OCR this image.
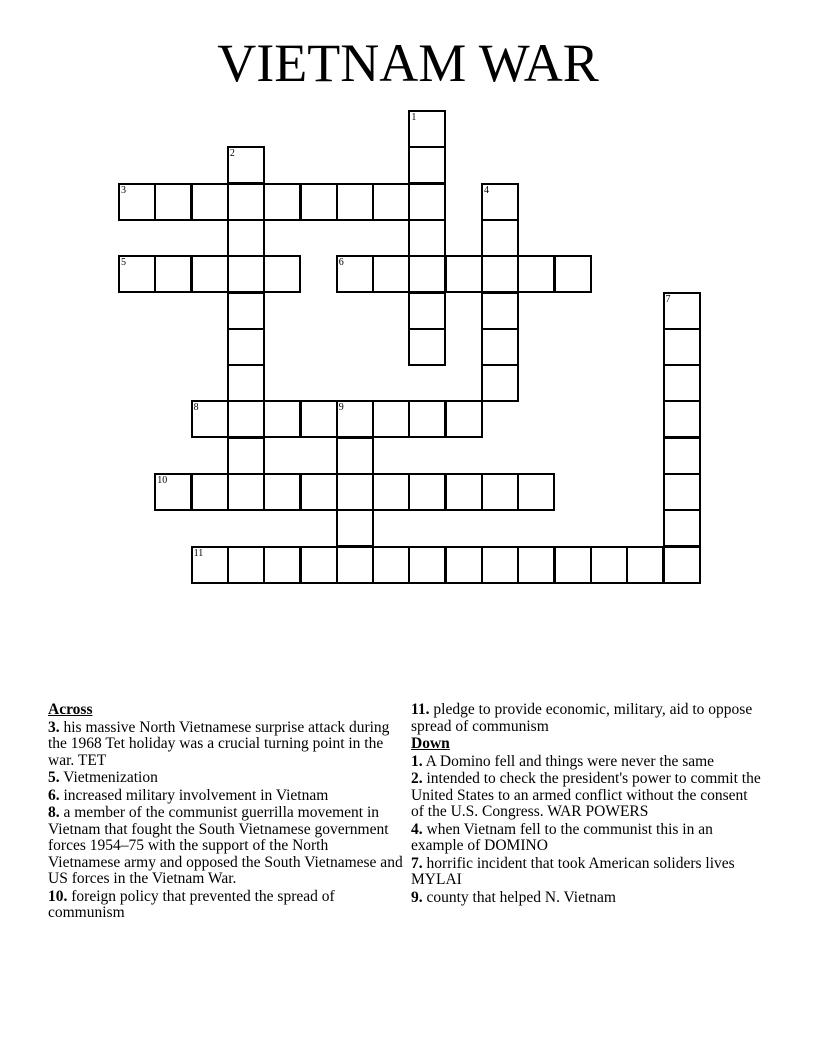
VIETNAM WAR
1
2
3	4
5	6
7
8	9
10
11
Across
3. his massive North Vietnamese surprise attack during the 1968 Tet holiday was a crucial turning point in the war. TET
5. Vietmenization
6. increased military involvement in Vietnam
8. a member of the communist guerrilla movement in Vietnam that fought the South Vietnamese government forces 1954–75 with the support of the North Vietnamese army and opposed the South Vietnamese and US forces in the Vietnam War.
10. foreign policy that prevented the spread of communism
11. pledge to provide economic, military, aid to oppose spread of communism
Down
1. A Domino fell and things were never the same
2. intended to check the president's power to commit the United States to an armed conflict without the consent of the U.S. Congress. WAR POWERS
4. when Vietnam fell to the communist this in an example of DOMINO
7. horrific incident that took American soliders lives MYLAI
9. county that helped N. Vietnam
